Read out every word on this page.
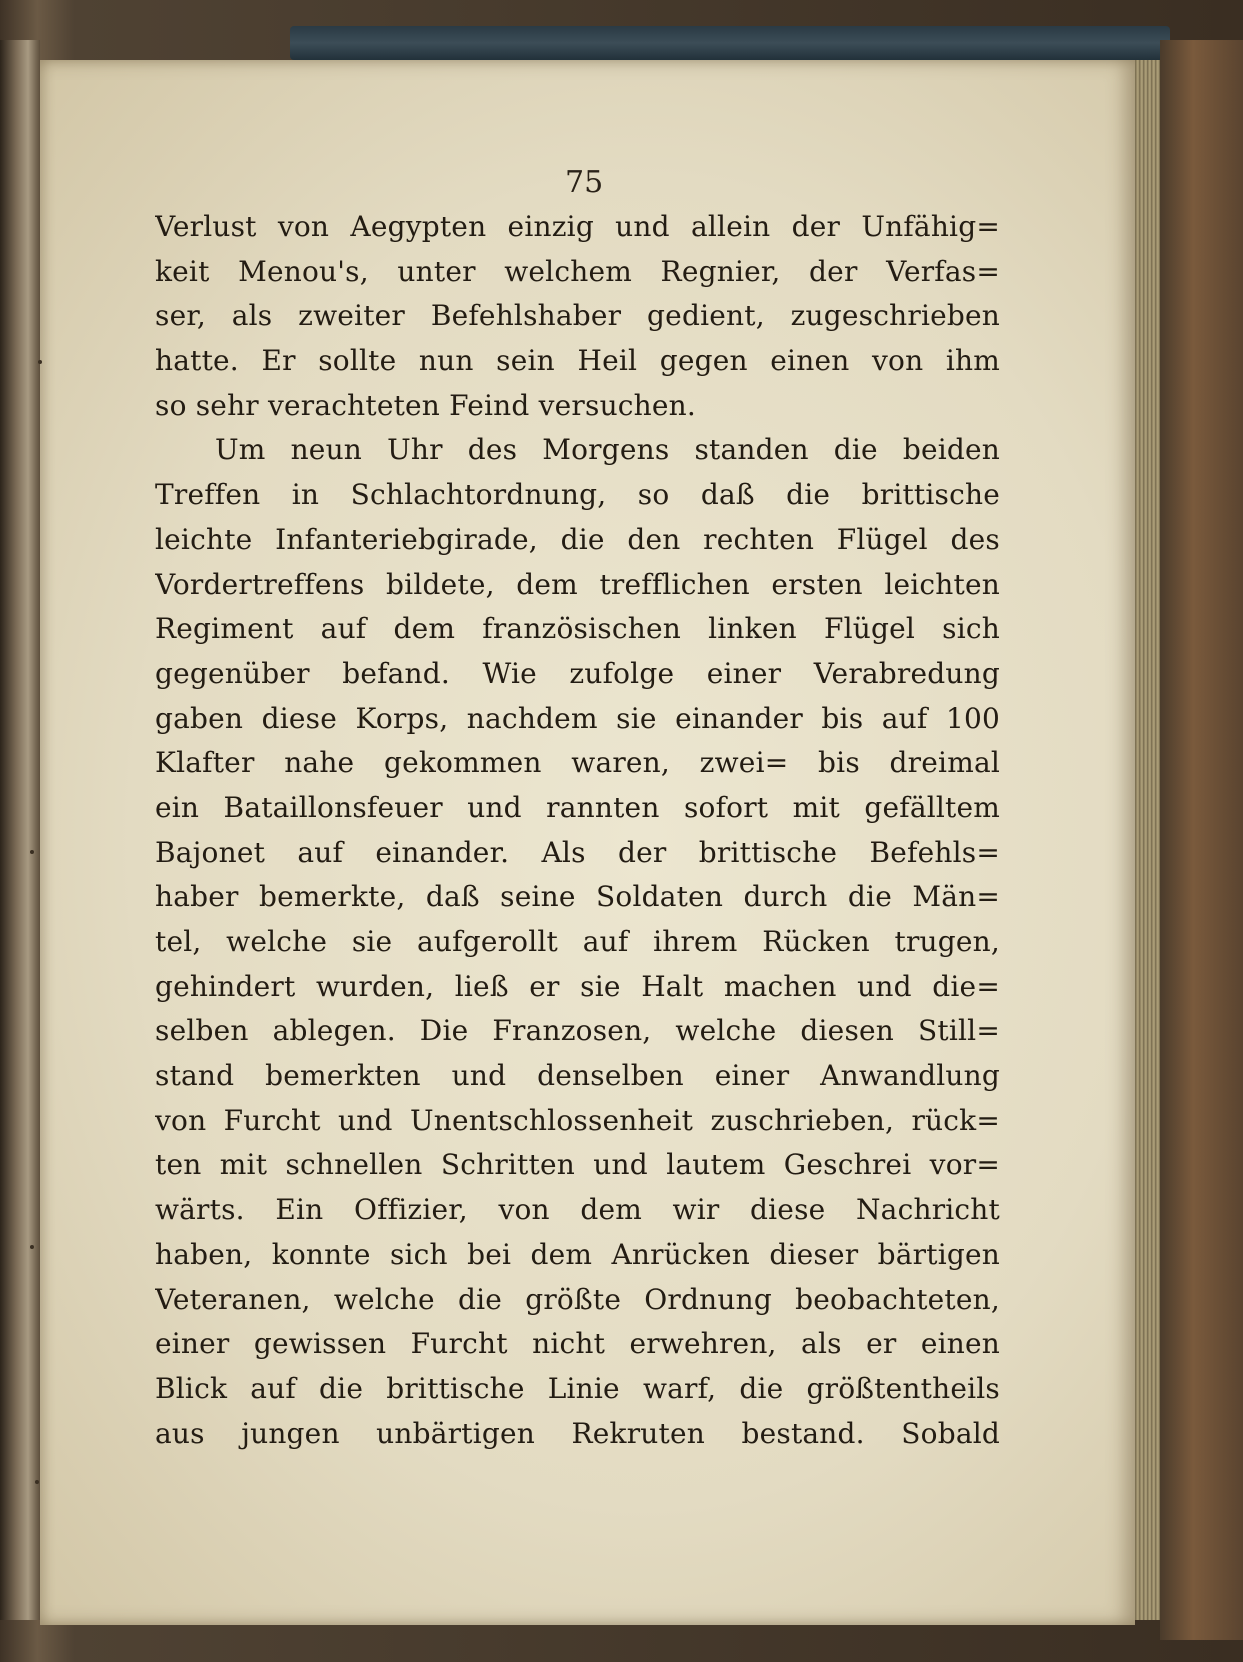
75
Verlust von Aegypten einzig und allein der Unfähig=
keit Menou's, unter welchem Regnier, der Verfas=
ser, als zweiter Befehlshaber gedient, zugeschrieben
hatte. Er sollte nun sein Heil gegen einen von ihm
so sehr verachteten Feind versuchen.
Um neun Uhr des Morgens standen die beiden
Treffen in Schlachtordnung, so daß die brittische
leichte Infanteriebgirade, die den rechten Flügel des
Vordertreffens bildete, dem trefflichen ersten leichten
Regiment auf dem französischen linken Flügel sich
gegenüber befand. Wie zufolge einer Verabredung
gaben diese Korps, nachdem sie einander bis auf 100
Klafter nahe gekommen waren, zwei= bis dreimal
ein Bataillonsfeuer und rannten sofort mit gefälltem
Bajonet auf einander. Als der brittische Befehls=
haber bemerkte, daß seine Soldaten durch die Män=
tel, welche sie aufgerollt auf ihrem Rücken trugen,
gehindert wurden, ließ er sie Halt machen und die=
selben ablegen. Die Franzosen, welche diesen Still=
stand bemerkten und denselben einer Anwandlung
von Furcht und Unentschlossenheit zuschrieben, rück=
ten mit schnellen Schritten und lautem Geschrei vor=
wärts. Ein Offizier, von dem wir diese Nachricht
haben, konnte sich bei dem Anrücken dieser bärtigen
Veteranen, welche die größte Ordnung beobachteten,
einer gewissen Furcht nicht erwehren, als er einen
Blick auf die brittische Linie warf, die größtentheils
aus jungen unbärtigen Rekruten bestand. Sobald
